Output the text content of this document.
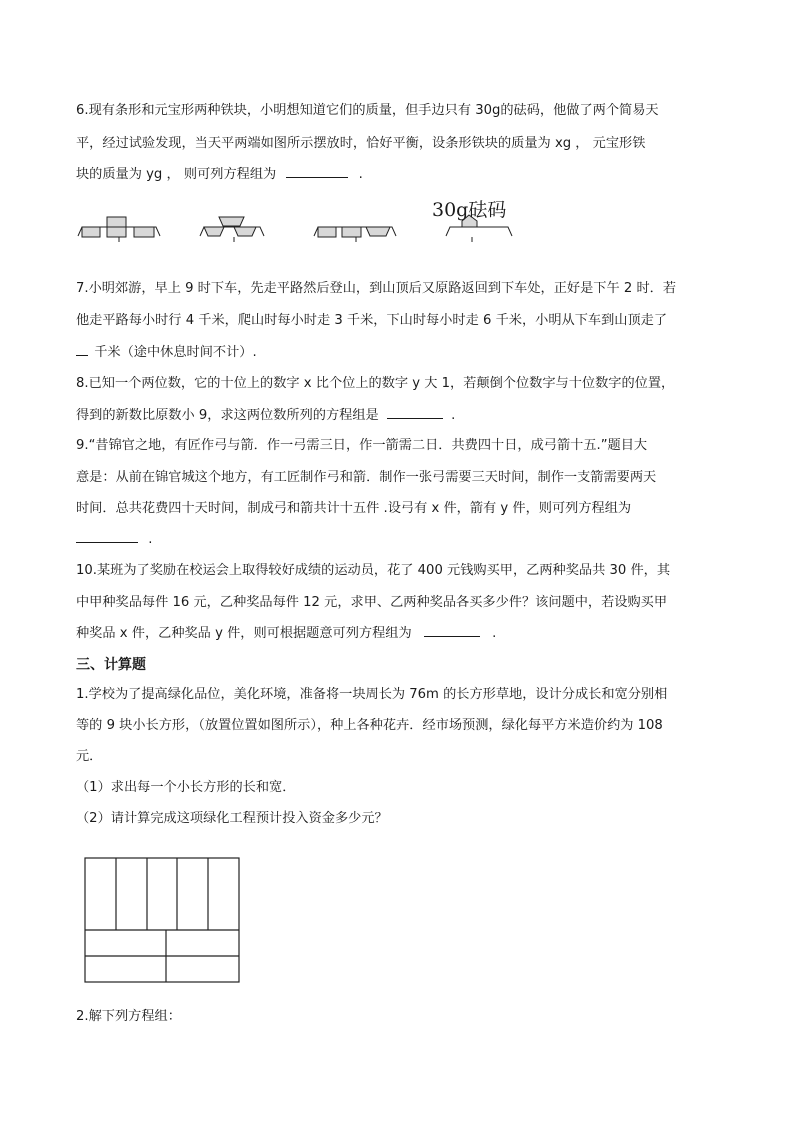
6.现有条形和元宝形两种铁块，小明想知道它们的质量，但手边只有 30g的砝码，他做了两个简易天
平，经过试验发现，当天平两端如图所示摆放时，恰好平衡，设条形铁块的质量为 xg ， 元宝形铁
块的质量为 yg ， 则可列方程组为	.
30g砝码
7.小明郊游，早上 9 时下车，先走平路然后登山，到山顶后又原路返回到下车处，正好是下午 2 时．若
他走平路每小时行 4 千米，爬山时每小时走 3 千米，下山时每小时走 6 千米，小明从下车到山顶走了
千米（途中休息时间不计）.
8.已知一个两位数，它的十位上的数字 x 比个位上的数字 y 大 1，若颠倒个位数字与十位数字的位置，
得到的新数比原数小 9，求这两位数所列的方程组是	.
9.“昔锦官之地，有匠作弓与箭．作一弓需三日，作一箭需二日．共费四十日，成弓箭十五.”题目大
意是：从前在锦官城这个地方，有工匠制作弓和箭．制作一张弓需要三天时间，制作一支箭需要两天
时间．总共花费四十天时间，制成弓和箭共计十五件 .设弓有 x 件，箭有 y 件，则可列方程组为
.
10.某班为了奖励在校运会上取得较好成绩的运动员，花了 400 元钱购买甲，乙两种奖品共 30 件，其
中甲种奖品每件 16 元，乙种奖品每件 12 元，求甲、乙两种奖品各买多少件？该问题中，若设购买甲
种奖品 x 件，乙种奖品 y 件，则可根据题意可列方程组为	.
三、计算题
1.学校为了提高绿化品位，美化环境，准备将一块周长为 76m 的长方形草地，设计分成长和宽分别相
等的 9 块小长方形，（放置位置如图所示），种上各种花卉．经市场预测，绿化每平方米造价约为 108
元．
（1）求出每一个小长方形的长和宽．
（2）请计算完成这项绿化工程预计投入资金多少元？
2.解下列方程组：
